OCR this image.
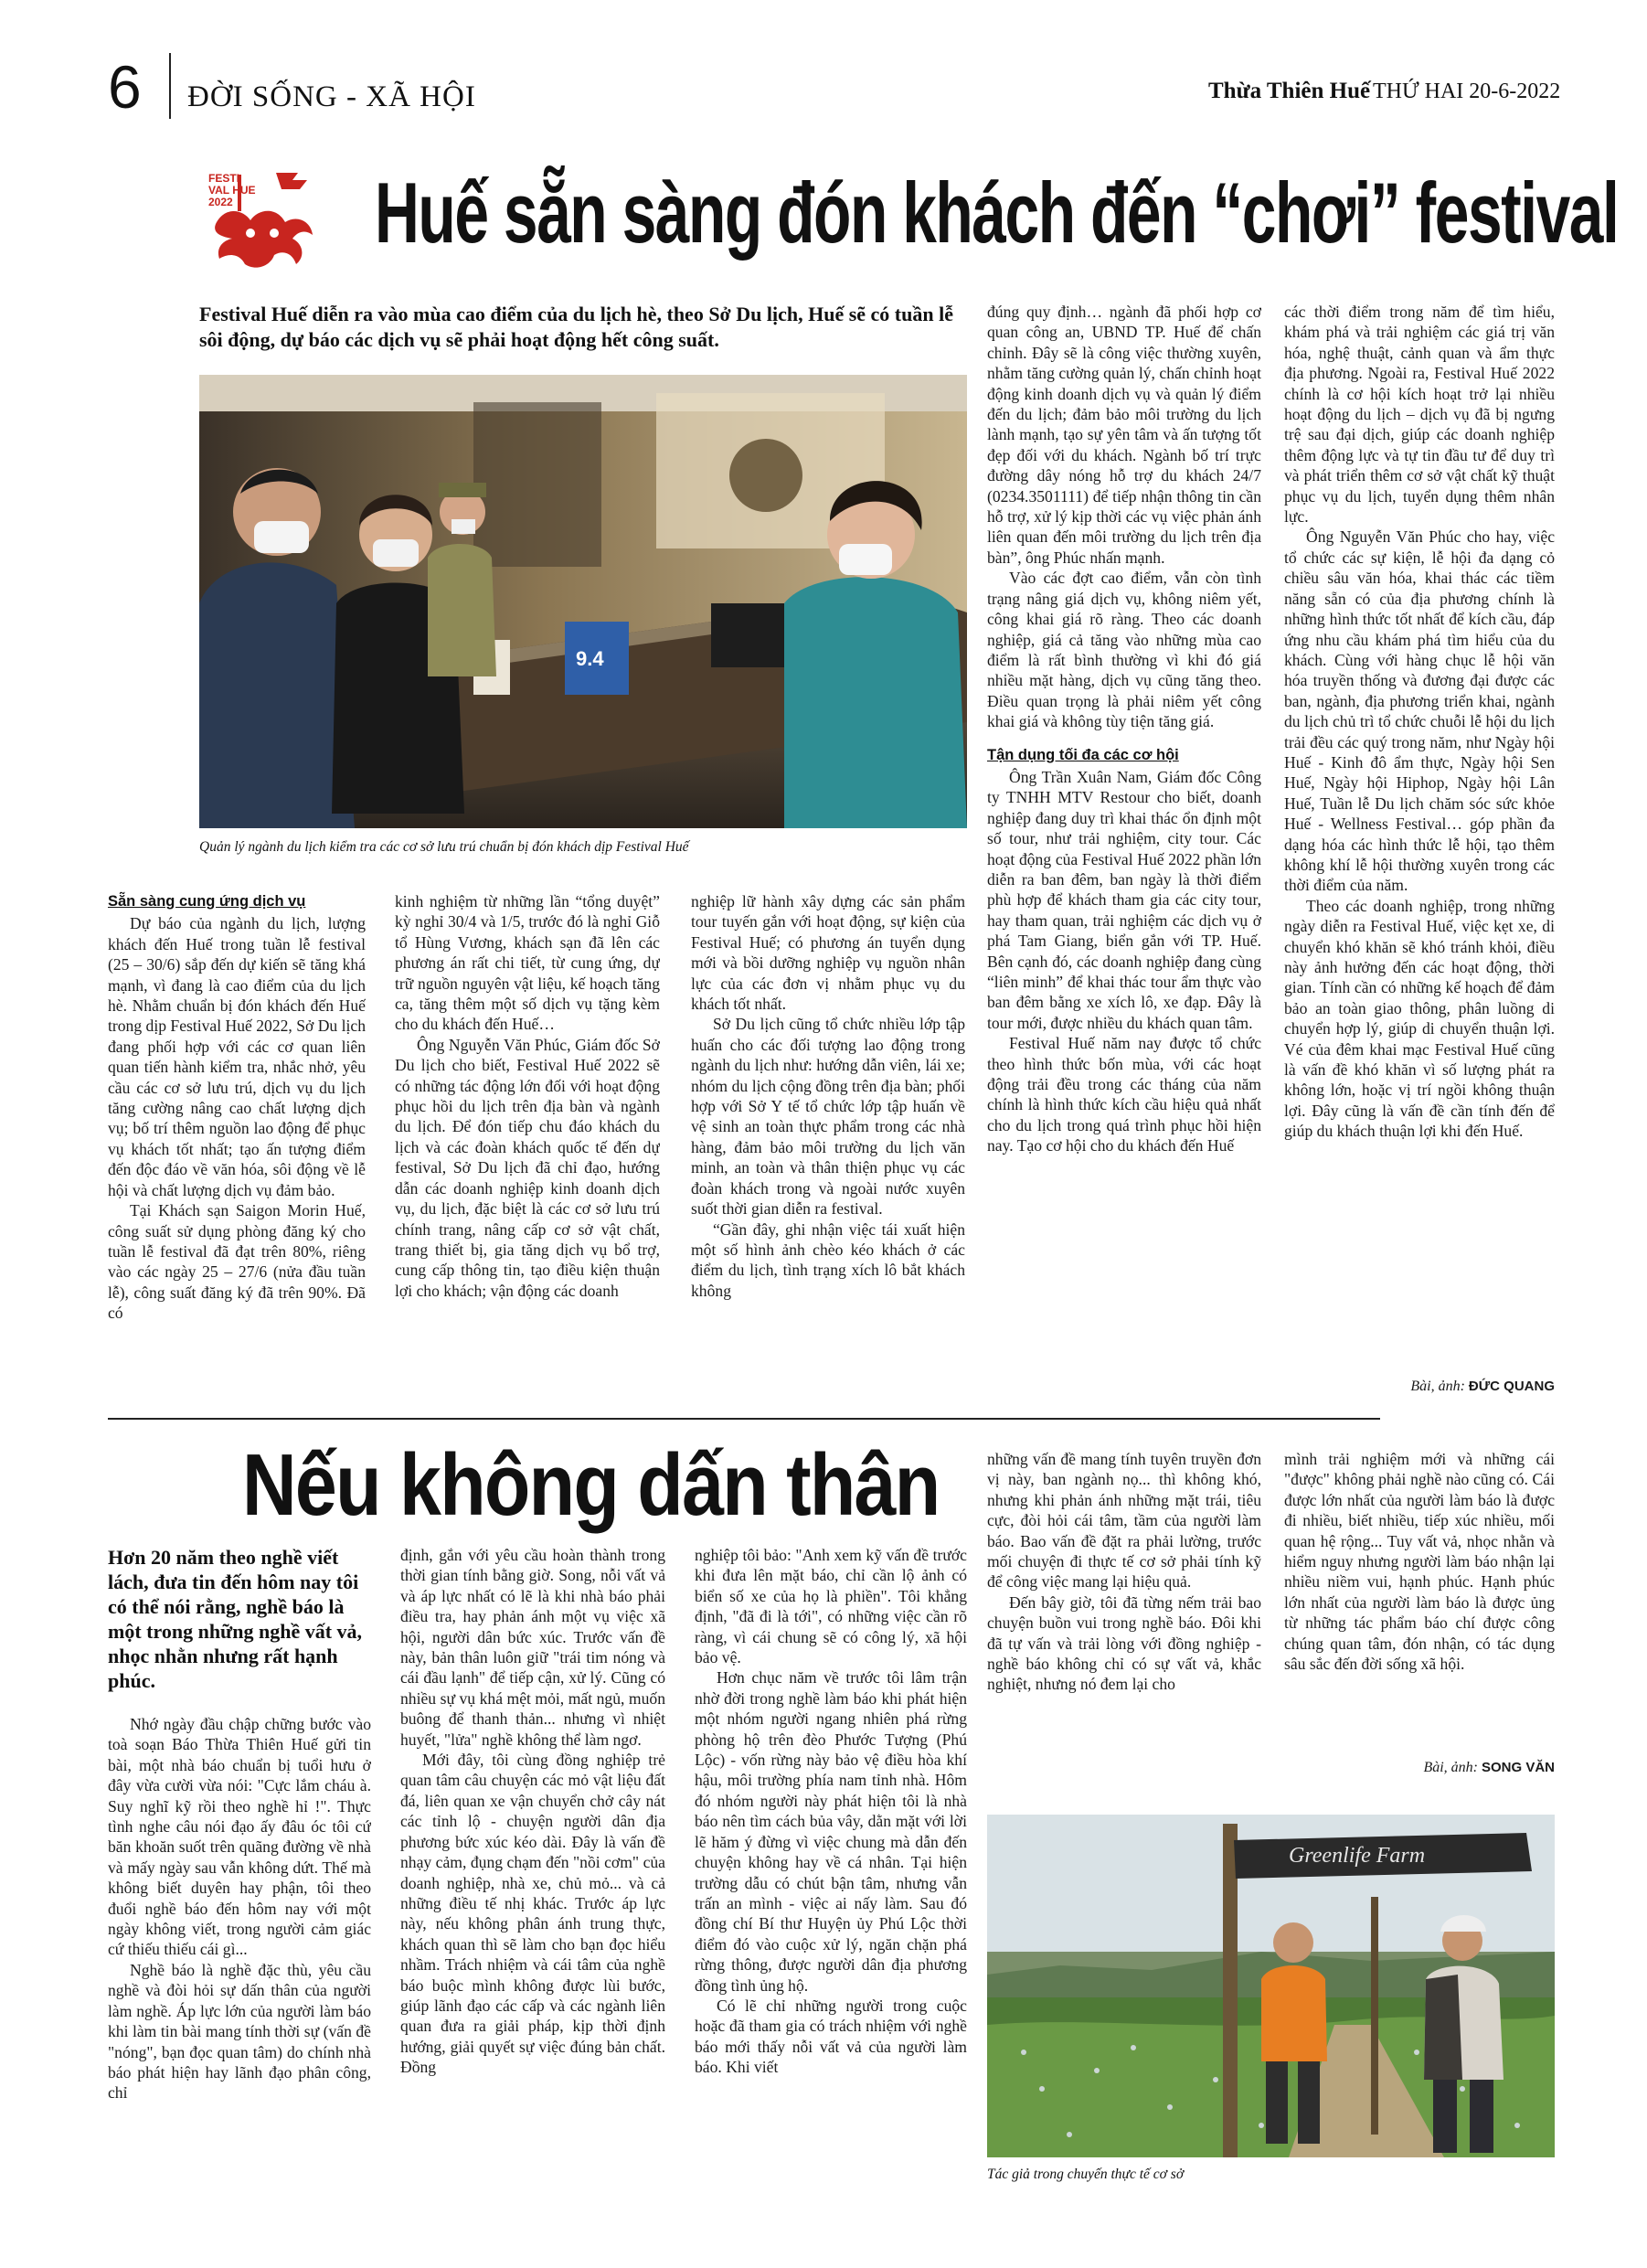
6 ĐỜI SỐNG - XÃ HỘI	Thừa Thiên Huế THỨ HAI 20-6-2022
FESTI
VAL HUE
2022 Huế sẵn sàng đón khách đến “chơi” festival
Festival Huế diễn ra vào mùa cao điểm của du lịch hè, theo Sở Du lịch, Huế sẽ có tuần lễ sôi động, dự báo các dịch vụ sẽ phải hoạt động hết công suất.
9.4
Quản lý ngành du lịch kiểm tra các cơ sở lưu trú chuẩn bị đón khách dịp Festival Huế
Sẵn sàng cung ứng dịch vụ

Dự báo của ngành du lịch, lượng khách đến Huế trong tuần lễ festival (25 – 30/6) sắp đến dự kiến sẽ tăng khá mạnh, vì đang là cao điểm của du lịch hè. Nhằm chuẩn bị đón khách đến Huế trong dịp Festival Huế 2022, Sở Du lịch đang phối hợp với các cơ quan liên quan tiến hành kiểm tra, nhắc nhở, yêu cầu các cơ sở lưu trú, dịch vụ du lịch tăng cường nâng cao chất lượng dịch vụ; bố trí thêm nguồn lao động để phục vụ khách tốt nhất; tạo ấn tượng điểm đến độc đáo về văn hóa, sôi động về lễ hội và chất lượng dịch vụ đảm bảo.

Tại Khách sạn Saigon Morin Huế, công suất sử dụng phòng đăng ký cho tuần lễ festival đã đạt trên 80%, riêng vào các ngày 25 – 27/6 (nửa đầu tuần lễ), công suất đăng ký đã trên 90%. Đã có

kinh nghiệm từ những lần “tổng duyệt” kỳ nghỉ 30/4 và 1/5, trước đó là nghỉ Giỗ tổ Hùng Vương, khách sạn đã lên các phương án rất chi tiết, từ cung ứng, dự trữ nguồn nguyên vật liệu, kế hoạch tăng ca, tăng thêm một số dịch vụ tặng kèm cho du khách đến Huế…

Ông Nguyễn Văn Phúc, Giám đốc Sở Du lịch cho biết, Festival Huế 2022 sẽ có những tác động lớn đối với hoạt động phục hồi du lịch trên địa bàn và ngành du lịch. Để đón tiếp chu đáo khách du lịch và các đoàn khách quốc tế đến dự festival, Sở Du lịch đã chỉ đạo, hướng dẫn các doanh nghiệp kinh doanh dịch vụ, du lịch, đặc biệt là các cơ sở lưu trú chính trang, nâng cấp cơ sở vật chất, trang thiết bị, gia tăng dịch vụ bổ trợ, cung cấp thông tin, tạo điều kiện thuận lợi cho khách; vận động các doanh

nghiệp lữ hành xây dựng các sản phẩm tour tuyến gắn với hoạt động, sự kiện của Festival Huế; có phương án tuyển dụng mới và bồi dưỡng nghiệp vụ nguồn nhân lực của các đơn vị nhằm phục vụ du khách tốt nhất.

Sở Du lịch cũng tổ chức nhiều lớp tập huấn cho các đối tượng lao động trong ngành du lịch như: hướng dẫn viên, lái xe; nhóm du lịch cộng đồng trên địa bàn; phối hợp với Sở Y tế tổ chức lớp tập huấn về vệ sinh an toàn thực phẩm trong các nhà hàng, đảm bảo môi trường du lịch văn minh, an toàn và thân thiện phục vụ các đoàn khách trong và ngoài nước xuyên suốt thời gian diễn ra festival.

“Gần đây, ghi nhận việc tái xuất hiện một số hình ảnh chèo kéo khách ở các điểm du lịch, tình trạng xích lô bắt khách không

đúng quy định… ngành đã phối hợp cơ quan công an, UBND TP. Huế để chấn chỉnh. Đây sẽ là công việc thường xuyên, nhằm tăng cường quản lý, chấn chỉnh hoạt động kinh doanh dịch vụ và quản lý điểm đến du lịch; đảm bảo môi trường du lịch lành mạnh, tạo sự yên tâm và ấn tượng tốt đẹp đối với du khách. Ngành bố trí trực đường dây nóng hỗ trợ du khách 24/7 (0234.3501111) để tiếp nhận thông tin cần hỗ trợ, xử lý kịp thời các vụ việc phản ánh liên quan đến môi trường du lịch trên địa bàn”, ông Phúc nhấn mạnh.

Vào các đợt cao điểm, vẫn còn tình trạng nâng giá dịch vụ, không niêm yết, công khai giá rõ ràng. Theo các doanh nghiệp, giá cả tăng vào những mùa cao điểm là rất bình thường vì khi đó giá nhiều mặt hàng, dịch vụ cũng tăng theo. Điều quan trọng là phải niêm yết công khai giá và không tùy tiện tăng giá.

Tận dụng tối đa các cơ hội

Ông Trần Xuân Nam, Giám đốc Công ty TNHH MTV Restour cho biết, doanh nghiệp đang duy trì khai thác ổn định một số tour, như trải nghiệm, city tour. Các hoạt động của Festival Huế 2022 phần lớn diễn ra ban đêm, ban ngày là thời điểm phù hợp để khách tham gia các city tour, hay tham quan, trải nghiệm các dịch vụ ở phá Tam Giang, biển gắn với TP. Huế. Bên cạnh đó, các doanh nghiệp đang cùng “liên minh” để khai thác tour ẩm thực vào ban đêm bằng xe xích lô, xe đạp. Đây là tour mới, được nhiều du khách quan tâm.

Festival Huế năm nay được tổ chức theo hình thức bốn mùa, với các hoạt động trải đều trong các tháng của năm chính là hình thức kích cầu hiệu quả nhất cho du lịch trong quá trình phục hồi hiện nay. Tạo cơ hội cho du khách đến Huế

các thời điểm trong năm để tìm hiểu, khám phá và trải nghiệm các giá trị văn hóa, nghệ thuật, cảnh quan và ẩm thực địa phương. Ngoài ra, Festival Huế 2022 chính là cơ hội kích hoạt trở lại nhiều hoạt động du lịch – dịch vụ đã bị ngưng trệ sau đại dịch, giúp các doanh nghiệp thêm động lực và tự tin đầu tư để duy trì và phát triển thêm cơ sở vật chất kỹ thuật phục vụ du lịch, tuyển dụng thêm nhân lực.

Ông Nguyễn Văn Phúc cho hay, việc tổ chức các sự kiện, lễ hội đa dạng cỏ chiều sâu văn hóa, khai thác các tiềm năng sẵn có của địa phương chính là những hình thức tốt nhất để kích cầu, đáp ứng nhu cầu khám phá tìm hiểu của du khách. Cùng với hàng chục lễ hội văn hóa truyền thống và đương đại được các ban, ngành, địa phương triển khai, ngành du lịch chủ trì tổ chức chuỗi lễ hội du lịch trải đều các quý trong năm, như Ngày hội Huế - Kinh đô ẩm thực, Ngày hội Sen Huế, Ngày hội Hiphop, Ngày hội Lân Huế, Tuần lễ Du lịch chăm sóc sức khỏe Huế - Wellness Festival… góp phần đa dạng hóa các hình thức lễ hội, tạo thêm không khí lễ hội thường xuyên trong các thời điểm của năm.

Theo các doanh nghiệp, trong những ngày diễn ra Festival Huế, việc kẹt xe, di chuyển khó khăn sẽ khó tránh khỏi, điều này ảnh hưởng đến các hoạt động, thời gian. Tính cần có những kế hoạch để đảm bảo an toàn giao thông, phân luồng di chuyển hợp lý, giúp di chuyển thuận lợi. Vé của đêm khai mạc Festival Huế cũng là vấn đề khó khăn vì số lượng phát ra không lớn, hoặc vị trí ngồi không thuận lợi. Đây cũng là vấn đề cần tính đến để giúp du khách thuận lợi khi đến Huế.

Bài, ảnh: ĐỨC QUANG
Nếu không dấn thân
Hơn 20 năm theo nghề viết lách, đưa tin đến hôm nay tôi có thể nói rằng, nghề báo là một trong những nghề vất vả, nhọc nhằn nhưng rất hạnh phúc.

Nhớ ngày đầu chập chững bước vào toà soạn Báo Thừa Thiên Huế gửi tin bài, một nhà báo chuẩn bị tuổi hưu ở đây vừa cười vừa nói: "Cực lắm cháu à. Suy nghĩ kỹ rồi theo nghề hỉ !". Thực tình nghe câu nói đạo ấy đâu óc tôi cứ băn khoăn suốt trên quãng đường về nhà và mấy ngày sau vẫn không dứt. Thế mà không biết duyên hay phận, tôi theo đuổi nghề báo đến hôm nay với một ngày không viết, trong người cảm giác cứ thiếu thiếu cái gì...

Nghề báo là nghề đặc thù, yêu cầu nghề và đòi hỏi sự dấn thân của người làm nghề. Áp lực lớn của người làm báo khi làm tin bài mang tính thời sự (vấn đề "nóng", bạn đọc quan tâm) do chính nhà báo phát hiện hay lãnh đạo phân công, chỉ

định, gắn với yêu cầu hoàn thành trong thời gian tính bằng giờ. Song, nỗi vất vả và áp lực nhất có lẽ là khi nhà báo phải điều tra, hay phản ánh một vụ việc xã hội, người dân bức xúc. Trước vấn đề này, bản thân luôn giữ "trái tim nóng và cái đầu lạnh" để tiếp cận, xử lý. Cũng có nhiều sự vụ khá mệt mỏi, mất ngủ, muốn buông để thanh thản... nhưng vì nhiệt huyết, "lửa" nghề không thể làm ngơ.

Mới đây, tôi cùng đồng nghiệp trẻ quan tâm câu chuyện các mỏ vật liệu đất đá, liên quan xe vận chuyển chở cây nát các tỉnh lộ - chuyện người dân địa phương bức xúc kéo dài. Đây là vấn đề nhạy cảm, đụng chạm đến "nồi cơm" của doanh nghiệp, nhà xe, chủ mỏ... và cả những điều tế nhị khác. Trước áp lực này, nếu không phân ánh trung thực, khách quan thì sẽ làm cho bạn đọc hiểu nhầm. Trách nhiệm và cái tâm của nghề báo buộc mình không được lùi bước, giúp lãnh đạo các cấp và các ngành liên quan đưa ra giải pháp, kịp thời định hướng, giải quyết sự việc đúng bản chất. Đồng

nghiệp tôi bảo: "Anh xem kỹ vấn đề trước khi đưa lên mặt báo, chỉ cần lộ ảnh có biển số xe của họ là phiền". Tôi khẳng định, "đã đi là tới", có những việc cần rõ ràng, vì cái chung sẽ có công lý, xã hội bảo vệ.

Hơn chục năm về trước tôi lâm trận nhờ đời trong nghề làm báo khi phát hiện một nhóm người ngang nhiên phá rừng phòng hộ trên đèo Phước Tượng (Phú Lộc) - vốn rừng này bảo vệ điều hòa khí hậu, môi trường phía nam tỉnh nhà. Hôm đó nhóm người này phát hiện tôi là nhà báo nên tìm cách bủa vây, dằn mặt với lời lẽ hăm ý đừng vì việc chung mà dẫn đến chuyện không hay về cá nhân. Tại hiện trường dẫu có chút bận tâm, nhưng vẫn trấn an mình - việc ai nấy làm. Sau đó đồng chí Bí thư Huyện ủy Phú Lộc thời điểm đó vào cuộc xử lý, ngăn chặn phá rừng thông, được người dân địa phương đồng tình ủng hộ.

Có lẽ chỉ những người trong cuộc hoặc đã tham gia có trách nhiệm với nghề báo mới thấy nỗi vất vả của người làm báo. Khi viết

những vấn đề mang tính tuyên truyền đơn vị này, ban ngành nọ... thì không khó, nhưng khi phản ánh những mặt trái, tiêu cực, đòi hỏi cái tâm, tầm của người làm báo. Bao vấn đề đặt ra phải lường, trước mối chuyện đi thực tế cơ sở phải tính kỹ để công việc mang lại hiệu quả.

Đến bây giờ, tôi đã từng nếm trải bao chuyện buồn vui trong nghề báo. Đôi khi đã tự vấn và trải lòng với đồng nghiệp - nghề báo không chỉ có sự vất vả, khắc nghiệt, nhưng nó đem lại cho

mình trải nghiệm mới và những cái "được" không phải nghề nào cũng có. Cái được lớn nhất của người làm báo là được đi nhiều, biết nhiều, tiếp xúc nhiều, mối quan hệ rộng... Tuy vất vả, nhọc nhằn và hiểm nguy nhưng người làm báo nhận lại nhiều niềm vui, hạnh phúc. Hạnh phúc lớn nhất của người làm báo là được ủng từ những tác phẩm báo chí được công chúng quan tâm, đón nhận, có tác dụng sâu sắc đến đời sống xã hội.

Bài, ảnh: SONG VĂN
Greenlife Farm
Tác giả trong chuyến thực tế cơ sở
